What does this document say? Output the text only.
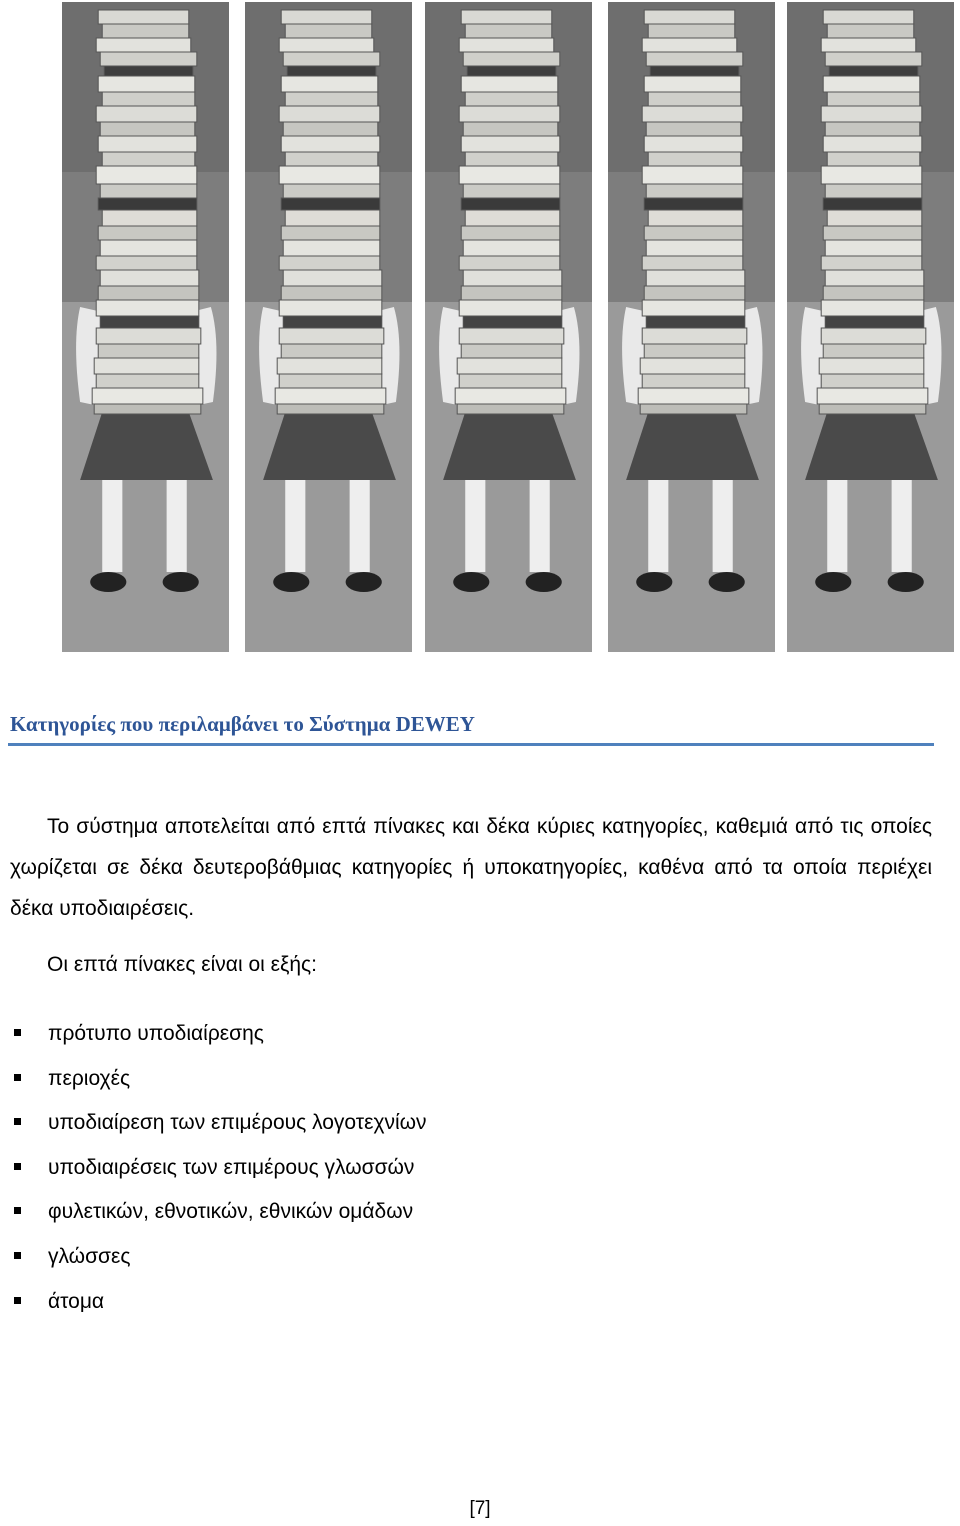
Κατηγορίες που περιλαμβάνει το Σύστημα DEWEY

Το σύστημα αποτελείται από επτά πίνακες και δέκα κύριες κατηγορίες, καθεμιά από τις οποίες χωρίζεται σε δέκα δευτεροβάθμιας κατηγορίες ή υποκατηγορίες, καθένα από τα οποία περιέχει δέκα υποδιαιρέσεις.

Οι επτά πίνακες είναι οι εξής:

πρότυπο υποδιαίρεσης
περιοχές
υποδιαίρεση των επιμέρους λογοτεχνίων
υποδιαιρέσεις των επιμέρους γλωσσών
φυλετικών, εθνοτικών, εθνικών ομάδων
γλώσσες
άτομα
[7]
